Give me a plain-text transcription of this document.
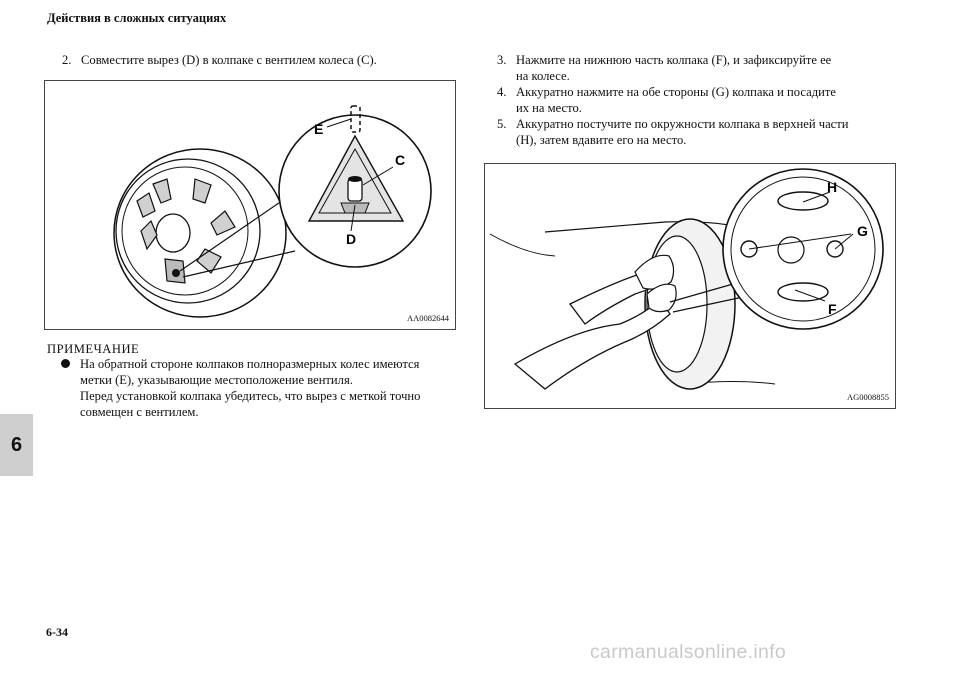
Действия в сложных ситуациях
2. Совместите вырез (D) в колпаке с вентилем колеса (C).
E
C
D
AA0082644
ПРИМЕЧАНИЕ
На обратной стороне колпаков полноразмерных колес имеются
метки (E), указывающие местоположение вентиля.
Перед установкой колпака убедитесь, что вырез с меткой точно
совмещен с вентилем.
3. Нажмите на нижнюю часть колпака (F), и зафиксируйте ее
на колесе.
4. Аккуратно нажмите на обе стороны (G) колпака и посадите
их на место.
5. Аккуратно постучите по окружности колпака в верхней части
(H), затем вдавите его на место.
H
G
F
AG0008855
6
6-34
carmanualsonline.info
